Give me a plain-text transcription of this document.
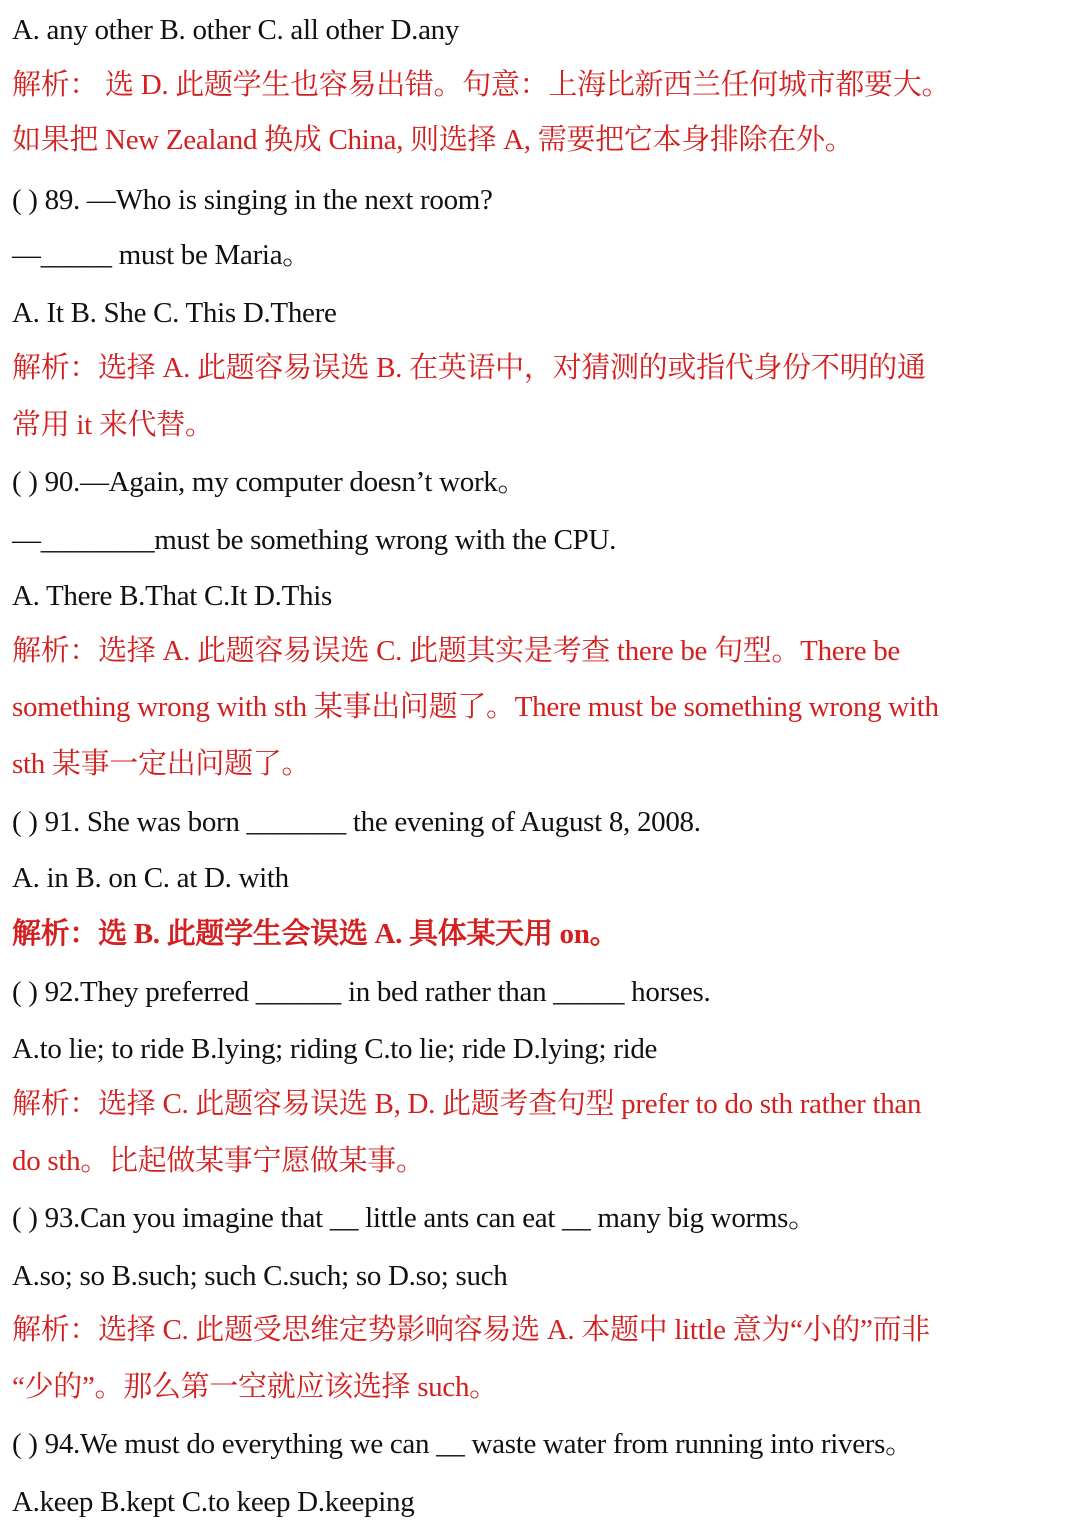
A. any other B. other C. all other D.any
解析： 选 D. 此题学生也容易出错。句意：上海比新西兰任何城市都要大。
如果把 New Zealand 换成 China, 则选择 A, 需要把它本身排除在外。
( ) 89. —Who is singing in the next room?
—_____ must be Maria。
A. It B. She C. This D.There
解析：选择 A. 此题容易误选 B. 在英语中，对猜测的或指代身份不明的通
常用 it 来代替。
( ) 90.—Again, my computer doesn’t work。
—________must be something wrong with the CPU.
A. There B.That C.It D.This
解析：选择 A. 此题容易误选 C. 此题其实是考查 there be 句型。There be
something wrong with sth 某事出问题了。There must be something wrong with
sth 某事一定出问题了。
( ) 91. She was born _______ the evening of August 8, 2008.
A. in B. on C. at D. with
解析：选 B. 此题学生会误选 A. 具体某天用 on。
( ) 92.They preferred ______ in bed rather than _____ horses.
A.to lie; to ride B.lying; riding C.to lie; ride D.lying; ride
解析：选择 C. 此题容易误选 B, D. 此题考查句型 prefer to do sth rather than
do sth。比起做某事宁愿做某事。
( ) 93.Can you imagine that __ little ants can eat __ many big worms。
A.so; so B.such; such C.such; so D.so; such
解析：选择 C. 此题受思维定势影响容易选 A. 本题中 little 意为“小的”而非
“少的”。那么第一空就应该选择 such。
( ) 94.We must do everything we can __ waste water from running into rivers。
A.keep B.kept C.to keep D.keeping
